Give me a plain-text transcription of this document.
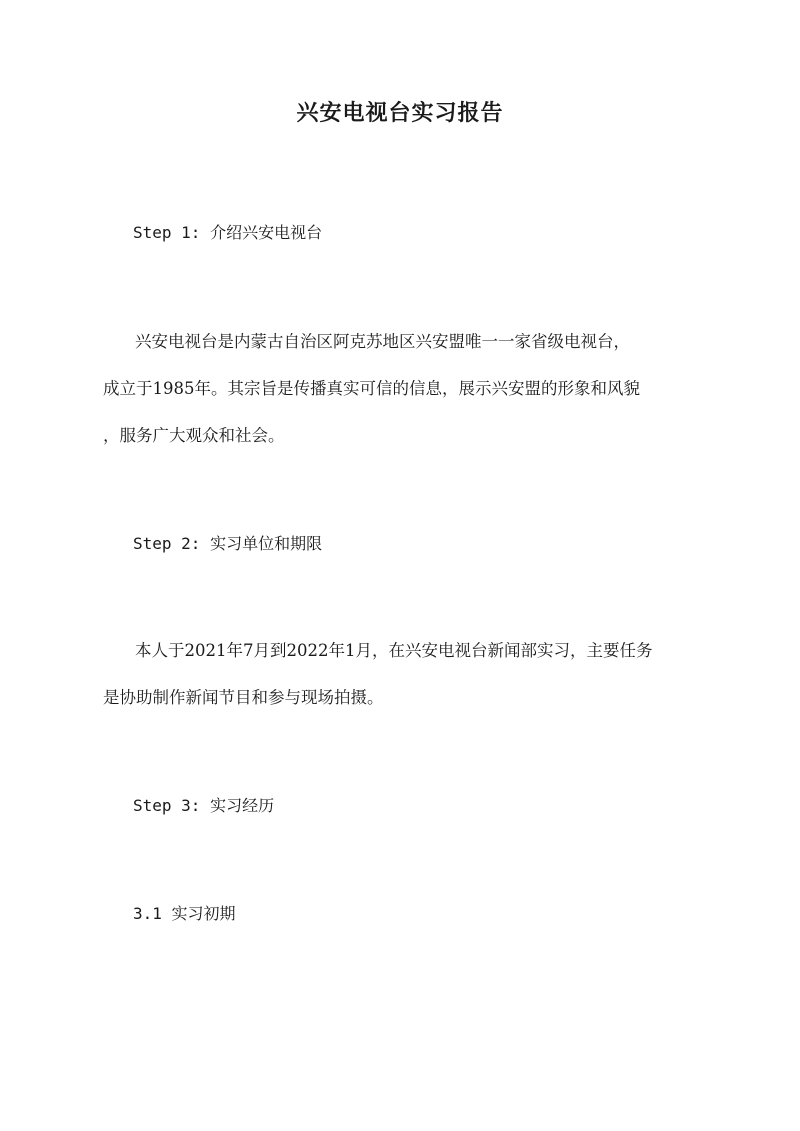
兴安电视台实习报告

Step 1: 介绍兴安电视台

兴安电视台是内蒙古自治区阿克苏地区兴安盟唯一一家省级电视台，
成立于1985年。其宗旨是传播真实可信的信息，展示兴安盟的形象和风貌
，服务广大观众和社会。

Step 2: 实习单位和期限

本人于2021年7月到2022年1月，在兴安电视台新闻部实习，主要任务
是协助制作新闻节目和参与现场拍摄。

Step 3: 实习经历

3.1 实习初期
